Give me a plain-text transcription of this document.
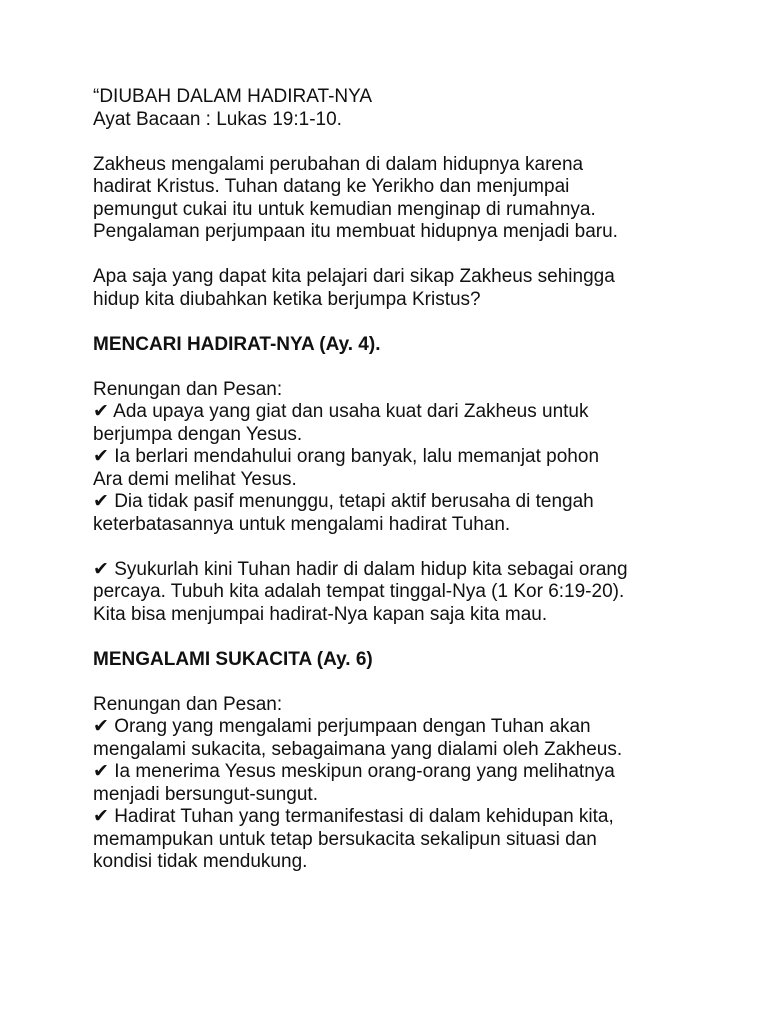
“DIUBAH DALAM HADIRAT-NYA
Ayat Bacaan : Lukas 19:1-10.
Zakheus mengalami perubahan di dalam hidupnya karena
hadirat Kristus. Tuhan datang ke Yerikho dan menjumpai
pemungut cukai itu untuk kemudian menginap di rumahnya.
Pengalaman perjumpaan itu membuat hidupnya menjadi baru.
Apa saja yang dapat kita pelajari dari sikap Zakheus sehingga
hidup kita diubahkan ketika berjumpa Kristus?
MENCARI HADIRAT-NYA (Ay. 4).
Renungan dan Pesan:
✔ Ada upaya yang giat dan usaha kuat dari Zakheus untuk
berjumpa dengan Yesus.
✔ Ia berlari mendahului orang banyak, lalu memanjat pohon
Ara demi melihat Yesus.
✔ Dia tidak pasif menunggu, tetapi aktif berusaha di tengah
keterbatasannya untuk mengalami hadirat Tuhan.
✔ Syukurlah kini Tuhan hadir di dalam hidup kita sebagai orang
percaya. Tubuh kita adalah tempat tinggal-Nya (1 Kor 6:19-20).
Kita bisa menjumpai hadirat-Nya kapan saja kita mau.
MENGALAMI SUKACITA (Ay. 6)
Renungan dan Pesan:
✔ Orang yang mengalami perjumpaan dengan Tuhan akan
mengalami sukacita, sebagaimana yang dialami oleh Zakheus.
✔ Ia menerima Yesus meskipun orang-orang yang melihatnya
menjadi bersungut-sungut.
✔ Hadirat Tuhan yang termanifestasi di dalam kehidupan kita,
memampukan untuk tetap bersukacita sekalipun situasi dan
kondisi tidak mendukung.
